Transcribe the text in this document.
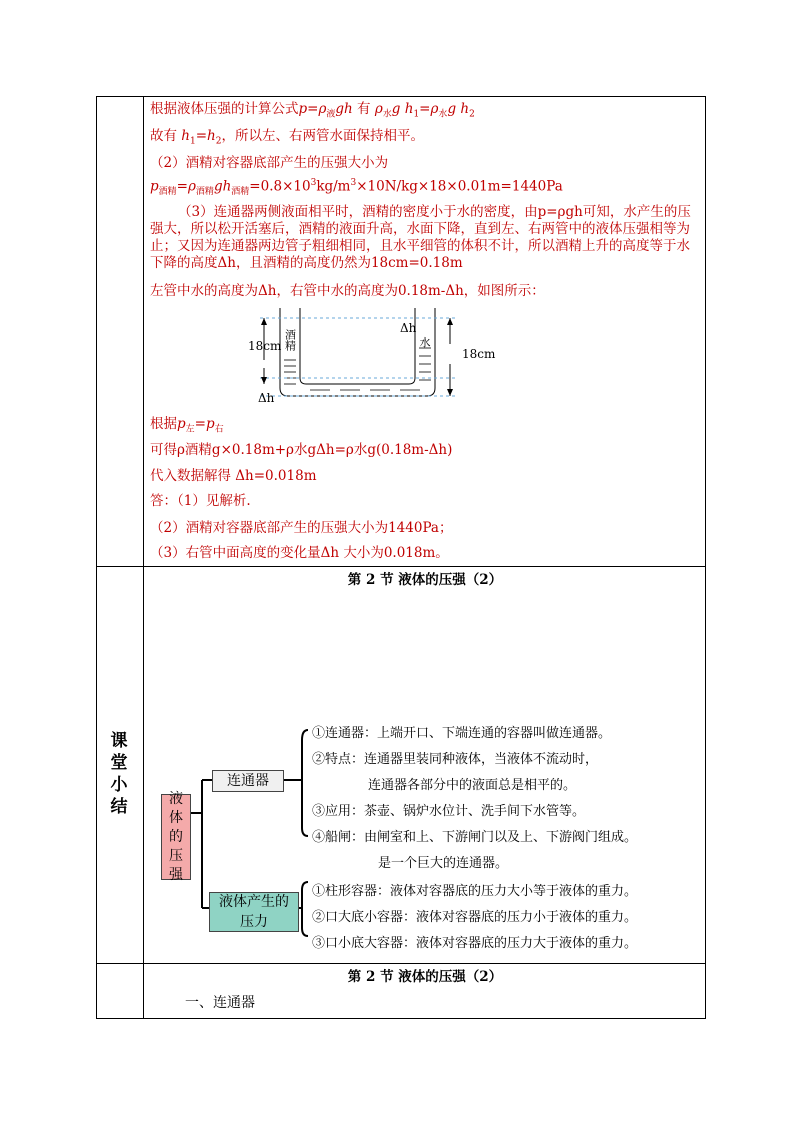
根据液体压强的计算公式$p=\rho_液gh$ 有 $\rho_水g$ $h_1=\rho_水g$ $h_2$
故有 $h_1=h_2$，所以左、右两管水面保持相平。
（2）酒精对容器底部产生的压强大小为
$p_{酒精}=\rho_{酒精}gh_{酒精}=0.8\times 10^3kg/m^3\times 10N/kg\times 18\times 0.01m=1440Pa$
（3）连通器两侧液面相平时，酒精的密度小于水的密度，由p=ρgh可知，水产生的压强大，所以松开活塞后，酒精的液面升高，水面下降，直到左、右两管中的液体压强相等为止；又因为连通器两边管子粗细相同，且水平细管的体积不计，所以酒精上升的高度等于水下降的高度Δh，且酒精的高度仍然为18cm=0.18m
左管中水的高度为Δh，右管中水的高度为0.18m-Δh，如图所示：
18cm
18cm
Δh
Δh
酒精	水
根据$p_左=p_右$
可得ρ酒精g×0.18m+ρ水gΔh=ρ水g(0.18m-Δh)
代入数据解得 Δh=0.018m
答：（1）见解析.
（2）酒精对容器底部产生的压强大小为1440Pa；
（3）右管中面高度的变化量Δh 大小为0.018m。
第 2 节 液体的压强（2）
课堂小结	液体的压强
连通器
液体产生的压力
①连通器：上端开口、下端连通的容器叫做连通器。
②特点：连通器里装同种液体，当液体不流动时，
连通器各部分中的液面总是相平的。
③应用：茶壶、锅炉水位计、洗手间下水管等。
④船闸：由闸室和上、下游闸门以及上、下游阀门组成。
是一个巨大的连通器。
①柱形容器：液体对容器底的压力大小等于液体的重力。
②口大底小容器：液体对容器底的压力小于液体的重力。
③口小底大容器：液体对容器底的压力大于液体的重力。
第 2 节 液体的压强（2）
一、连通器
